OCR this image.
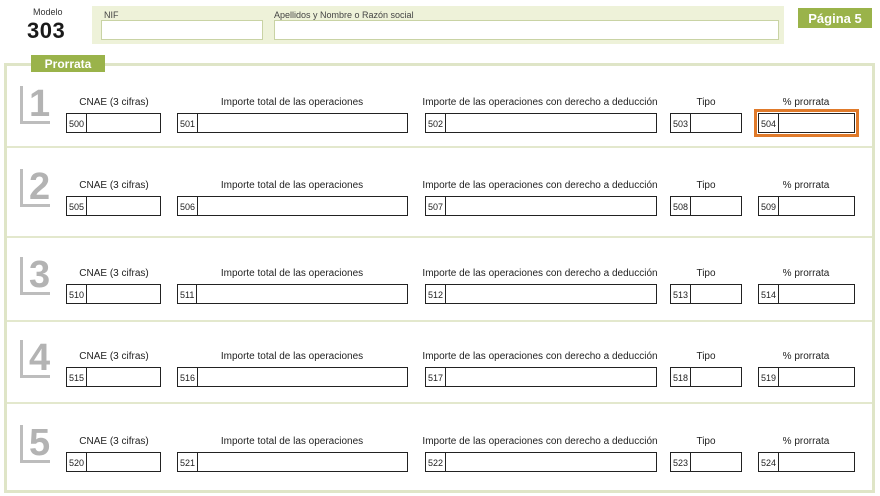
Modelo
303
NIF	Apellidos y Nombre o Razón social	Página 5
Prorrata
1	CNAE (3 cifras)
500
Importe total de las operaciones
501
Importe de las operaciones con derecho a deducción
502
Tipo
503
% prorrata
504
2	CNAE (3 cifras)
505
Importe total de las operaciones
506
Importe de las operaciones con derecho a deducción
507
Tipo
508
% prorrata
509
3	CNAE (3 cifras)
510
Importe total de las operaciones
511
Importe de las operaciones con derecho a deducción
512
Tipo
513
% prorrata
514
4	CNAE (3 cifras)
515
Importe total de las operaciones
516
Importe de las operaciones con derecho a deducción
517
Tipo
518
% prorrata
519
5	CNAE (3 cifras)
520
Importe total de las operaciones
521
Importe de las operaciones con derecho a deducción
522
Tipo
523
% prorrata
524
